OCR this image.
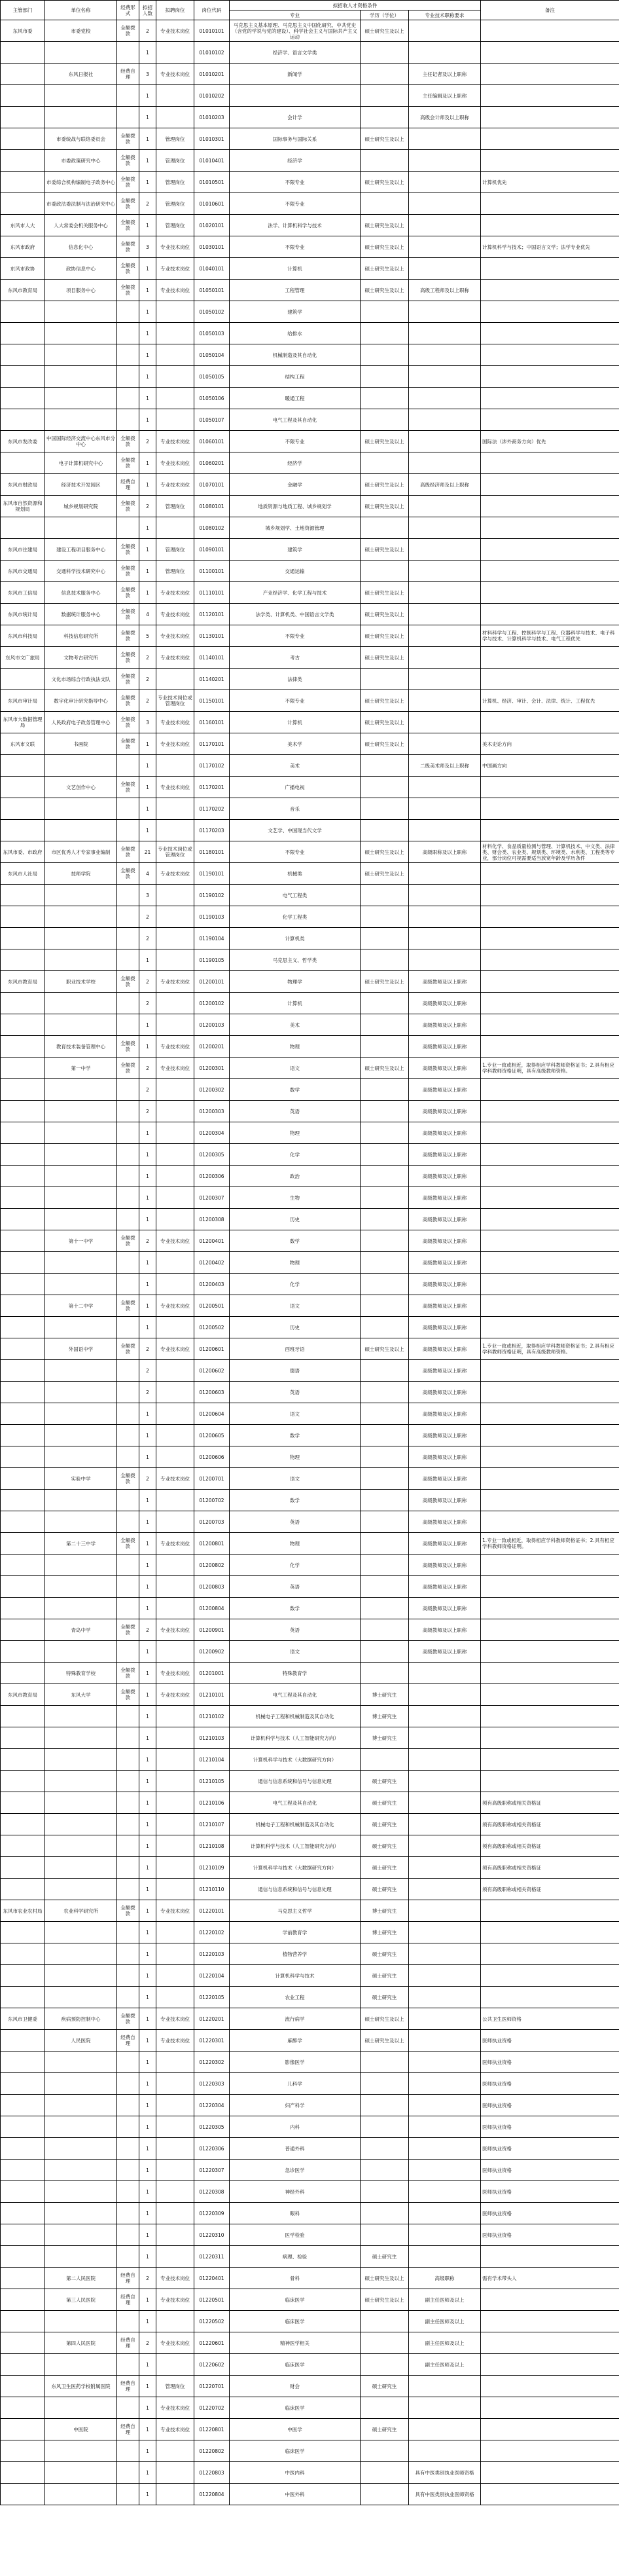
主管部门	单位名称	经费形式	拟招人数	拟聘岗位	岗位代码	拟招收人才资格条件			备注
						专业	学历（学位）	专业技术职称要求	
东风市委	市委党校	全额拨款	2	专业技术岗位	01010101	马克思主义基本原理、马克思主义中国化研究、中共党史（含党的学说与党的建设）、科学社会主义与国际共产主义运动	硕士研究生及以上		
			1		01010102	经济学、语言文学类			
	东风日报社	经费自理	3	专业技术岗位	01010201	新闻学		主任记者及以上职称	
			1		01010202			主任编辑及以上职称	
			1		01010203	会计学		高级会计师及以上职称	
	市委统战与联络委员会	全额拨款	1	管理岗位	01010301	国际事务与国际关系	硕士研究生及以上		
	市委政策研究中心	全额拨款	1	管理岗位	01010401	经济学			
	市委综合机构编制电子政务中心	全额拨款	1	管理岗位	01010501	不限专业	硕士研究生及以上		计算机优先
	市委政法委法制与法治研究中心	全额拨款	2	管理岗位	01010601	不限专业			
东风市人大	人大常委会机关服务中心	全额拨款	1	管理岗位	01020101	法学、计算机科学与技术	硕士研究生及以上		
东风市政府	信息化中心	全额拨款	3	专业技术岗位	01030101	不限专业	硕士研究生及以上		计算机科学与技术；中国语言文学；法学专业优先
东风市政协	政协信息中心	全额拨款	1	专业技术岗位	01040101	计算机	硕士研究生及以上		
东风市教育局	项目服务中心	全额拨款	1	专业技术岗位	01050101	工程管理	硕士研究生及以上	高级工程师及以上职称	
			1		01050102	建筑学			
			1		01050103	给排水			
			1		01050104	机械制造及其自动化			
			1		01050105	结构工程			
			1		01050106	暖通工程			
			1		01050107	电气工程及其自动化			
东风市发改委	中国国际经济交流中心东风市分中心	全额拨款	2	专业技术岗位	01060101	不限专业	硕士研究生及以上		国际法（涉外商务方向）优先
	电子计算机研究中心	全额拨款	1	专业技术岗位	01060201	经济学			
东风市财政局	经济技术开发园区	经费自理	1	专业技术岗位	01070101	金融学	硕士研究生及以上	高级经济师及以上职称	
东风市自然资源和规划局	城乡规划研究院	全额拨款	2	管理岗位	01080101	地质资源与地质工程、城乡规划学	硕士研究生及以上		
			1		01080102	城乡规划学、土地资源管理			
东风市住建局	建设工程项目服务中心	全额拨款	1	管理岗位	01090101	建筑学	硕士研究生及以上		
东风市交通局	交通科学技术研究中心	全额拨款	1	管理岗位	01100101	交通运输			
东风市工信局	信息技术服务中心	全额拨款	1	专业技术岗位	01110101	产业经济学、化学工程与技术	硕士研究生及以上		
东风市统计局	数据统计服务中心	全额拨款	4	专业技术岗位	01120101	法学类、计算机类、中国语言文学类	硕士研究生及以上		
东风市科技局	科技信息研究所	全额拨款	5	专业技术岗位	01130101	不限专业	硕士研究生及以上		材料科学与工程、控制科学与工程、仪器科学与技术、电子科学与技术、计算机科学与技术、电气工程优先
东风市文广旅局	文物考古研究所	全额拨款	2	专业技术岗位	01140101	考古	硕士研究生及以上		
	文化市场综合行政执法支队	全额拨款	2		01140201	法律类			
东风市审计局	数字化审计研究指导中心	全额拨款	2	专业技术岗位或管理岗位	01150101	不限专业	硕士研究生及以上		计算机、经济、审计、会计、法律、统计、工程优先
东风市大数据管理局	人民政府电子政务管理中心	全额拨款	3	专业技术岗位	01160101	计算机	硕士研究生及以上		
东风市文联	书画院	全额拨款	1	专业技术岗位	01170101	美术学	硕士研究生及以上		美术史论方向
			1		01170102	美术		二级美术师及以上职称	中国画方向
	文艺创作中心	全额拨款	1	专业技术岗位	01170201	广播电视			
			1		01170202	音乐			
			1		01170203	文艺学、中国现当代文学			
东风市委、市政府	市区优秀人才专家事业编制	全额拨款	21	专业技术岗位或管理岗位	01180101	不限专业	硕士研究生及以上	高级职称及以上职称	材料化学、食品质量检测与管理、计算机技术、中文类、法律类、财会类、农业类、规划类、环境类、水利类、工程类等专业，部分岗位可视需要适当放宽年龄及学历条件
东风市人社局	技师学院	全额拨款	4	专业技术岗位	01190101	机械类	硕士研究生及以上		
			3		01190102	电气工程类			
			2		01190103	化学工程类			
			2		01190104	计算机类			
			1		01190105	马克思主义、哲学类			
东风市教育局	职业技术学校	全额拨款	2	专业技术岗位	01200101	物理学	硕士研究生及以上	高级教师及以上职称	
			2		01200102	计算机		高级教师及以上职称	
			1		01200103	美术		高级教师及以上职称	
	教育技术装备管理中心	全额拨款	1	专业技术岗位	01200201	物理		高级教师及以上职称	
	第一中学	全额拨款	2	专业技术岗位	01200301	语文	硕士研究生及以上	高级教师及以上职称	1.专业一致或相近，取得相应学科教师资格证书；2.具有相应学科教师资格证明，具有高级教师资格。
			2		01200302	数学		高级教师及以上职称	
			2		01200303	英语		高级教师及以上职称	
			1		01200304	物理		高级教师及以上职称	
			1		01200305	化学		高级教师及以上职称	
			1		01200306	政治		高级教师及以上职称	
			1		01200307	生物		高级教师及以上职称	
			1		01200308	历史		高级教师及以上职称	
	第十一中学	全额拨款	2	专业技术岗位	01200401	数学		高级教师及以上职称	
			1		01200402	物理		高级教师及以上职称	
			1		01200403	化学		高级教师及以上职称	
	第十二中学	全额拨款	1	专业技术岗位	01200501	语文		高级教师及以上职称	
			1		01200502	历史		高级教师及以上职称	
	外国语中学	全额拨款	2	专业技术岗位	01200601	西班牙语	硕士研究生及以上	高级教师及以上职称	1.专业一致或相近，取得相应学科教师资格证书；2.具有相应学科教师资格证明，具有高级教师资格。
			2		01200602	德语		高级教师及以上职称	
			2		01200603	英语		高级教师及以上职称	
			1		01200604	语文		高级教师及以上职称	
			1		01200605	数学		高级教师及以上职称	
			1		01200606	物理		高级教师及以上职称	
	实验中学	全额拨款	2	专业技术岗位	01200701	语文		高级教师及以上职称	
			1		01200702	数学		高级教师及以上职称	
			1		01200703	英语		高级教师及以上职称	
	第二十三中学	全额拨款	1	专业技术岗位	01200801	物理		高级教师及以上职称	1.专业一致或相近，取得相应学科教师资格证书；2.具有相应学科教师资格证明。
			1		01200802	化学		高级教师及以上职称	
			1		01200803	英语		高级教师及以上职称	
			1		01200804	数学		高级教师及以上职称	
	青岛中学	全额拨款	2	专业技术岗位	01200901	英语		高级教师及以上职称	
			1		01200902	语文		高级教师及以上职称	
	特殊教育学校	全额拨款	1	专业技术岗位	01201001	特殊教育学			
东风市教育局	东风大学	全额拨款	1	专业技术岗位	01210101	电气工程及其自动化	博士研究生		
			1		01210102	机械电子工程和机械制造及其自动化	博士研究生		
			1		01210103	计算机科学与技术（人工智能研究方向）	博士研究生		
			1		01210104	计算机科学与技术（大数据研究方向）			
			1		01210105	通信与信息系统和信号与信息处理	硕士研究生		
			1		01210106	电气工程及其自动化	硕士研究生		须有高级职称或相关资格证
			1		01210107	机械电子工程和机械制造及其自动化	硕士研究生		须有高级职称或相关资格证
			1		01210108	计算机科学与技术（人工智能研究方向）	硕士研究生		须有高级职称或相关资格证
			1		01210109	计算机科学与技术（大数据研究方向）	硕士研究生		须有高级职称或相关资格证
			1		01210110	通信与信息系统和信号与信息处理	硕士研究生		须有高级职称或相关资格证
东风市农业农村局	农业科学研究所	全额拨款	1	专业技术岗位	01220101	马克思主义哲学	博士研究生		
			1		01220102	学前教育学	博士研究生		
			1		01220103	植物营养学	硕士研究生		
			1		01220104	计算机科学与技术	硕士研究生		
			1		01220105	农业工程	硕士研究生		
东风市卫健委	疾病预防控制中心	全额拨款	1	专业技术岗位	01220201	流行病学	硕士研究生及以上		公共卫生医师资格
	人民医院	经费自理	1	专业技术岗位	01220301	麻醉学	硕士研究生及以上		医师执业资格
			1		01220302	影像医学			医师执业资格
			1		01220303	儿科学			医师执业资格
			1		01220304	妇产科学			医师执业资格
			1		01220305	内科			医师执业资格
			1		01220306	普通外科			医师执业资格
			1		01220307	急诊医学			医师执业资格
			1		01220308	神经外科			医师执业资格
			1		01220309	眼科			医师执业资格
			1		01220310	医学检验			医师执业资格
			1		01220311	病理、检验	硕士研究生		
	第二人民医院	经费自理	2	专业技术岗位	01220401	骨科	硕士研究生及以上	高级职称	需有学术带头人
	第三人民医院	经费自理	1	专业技术岗位	01220501	临床医学	硕士研究生及以上	副主任医师及以上	
			1		01220502	临床医学		副主任医师及以上	
	第四人民医院	经费自理	2	专业技术岗位	01220601	精神医学相关		副主任医师及以上	
			1		01220602	临床医学		副主任医师及以上	
	东风卫生医药学校附属医院	经费自理	1	管理岗位	01220701	财会	硕士研究生		
			1	专业技术岗位	01220702	临床医学			
	中医院	经费自理	1	专业技术岗位	01220801	中医学	硕士研究生		
			1		01220802	临床医学			
			1		01220803	中医内科		具有中医类别执业医师资格	
			1		01220804	中医外科		具有中医类别执业医师资格	
